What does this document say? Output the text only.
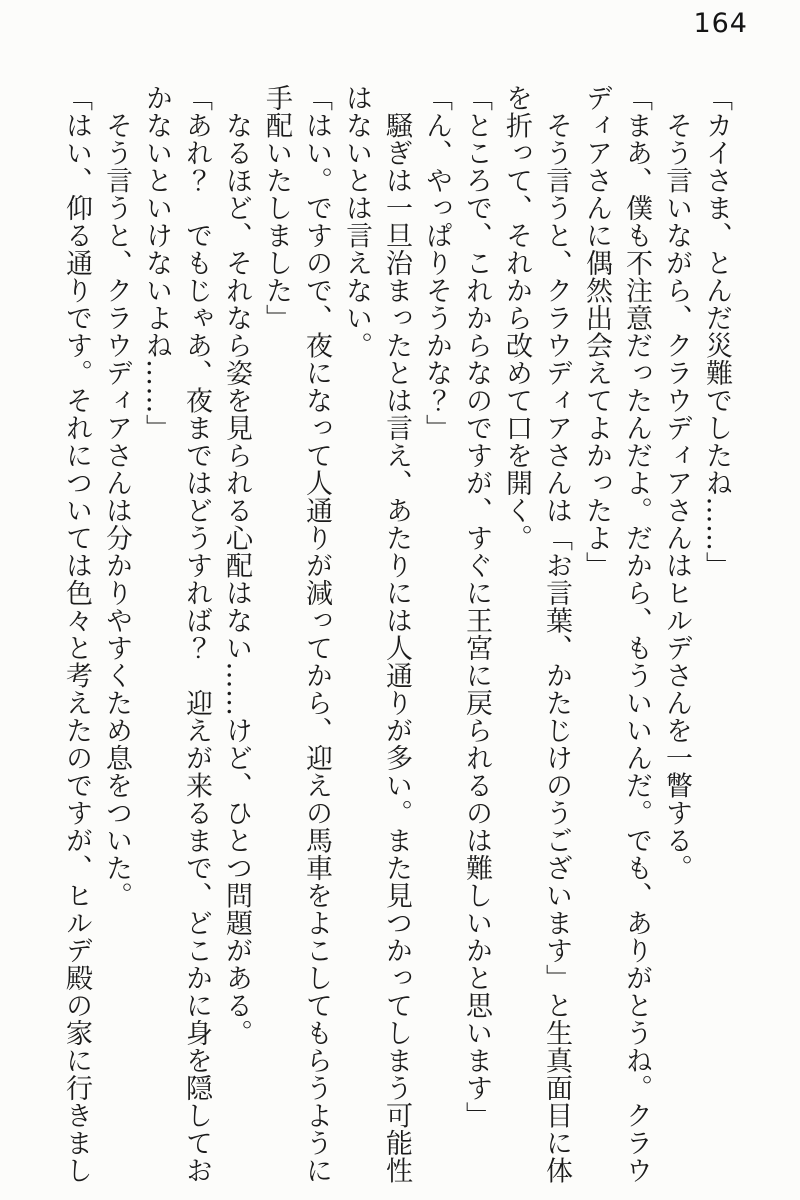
164
「カイさま、とんだ災難でしたね……」
　そう言いながら、クラウディアさんはヒルデさんを一瞥する。
「まあ、僕も不注意だったんだよ。だから、もういいんだ。でも、ありがとうね。クラウ
ディアさんに偶然出会えてよかったよ」
　そう言うと、クラウディアさんは「お言葉、かたじけのうございます」と生真面目に体
を折って、それから改めて口を開く。
「ところで、これからなのですが、すぐに王宮に戻られるのは難しいかと思います」
「ん、やっぱりそうかな？」
　騒ぎは一旦治まったとは言え、あたりには人通りが多い。また見つかってしまう可能性
はないとは言えない。
「はい。ですので、夜になって人通りが減ってから、迎えの馬車をよこしてもらうように
手配いたしました」
　なるほど、それなら姿を見られる心配はない……けど、ひとつ問題がある。
「あれ？　でもじゃあ、夜まではどうすれば？　迎えが来るまで、どこかに身を隠してお
かないといけないよね……」
　そう言うと、クラウディアさんは分かりやすくため息をついた。
「はい、仰る通りです。それについては色々と考えたのですが、ヒルデ殿の家に行きまし
